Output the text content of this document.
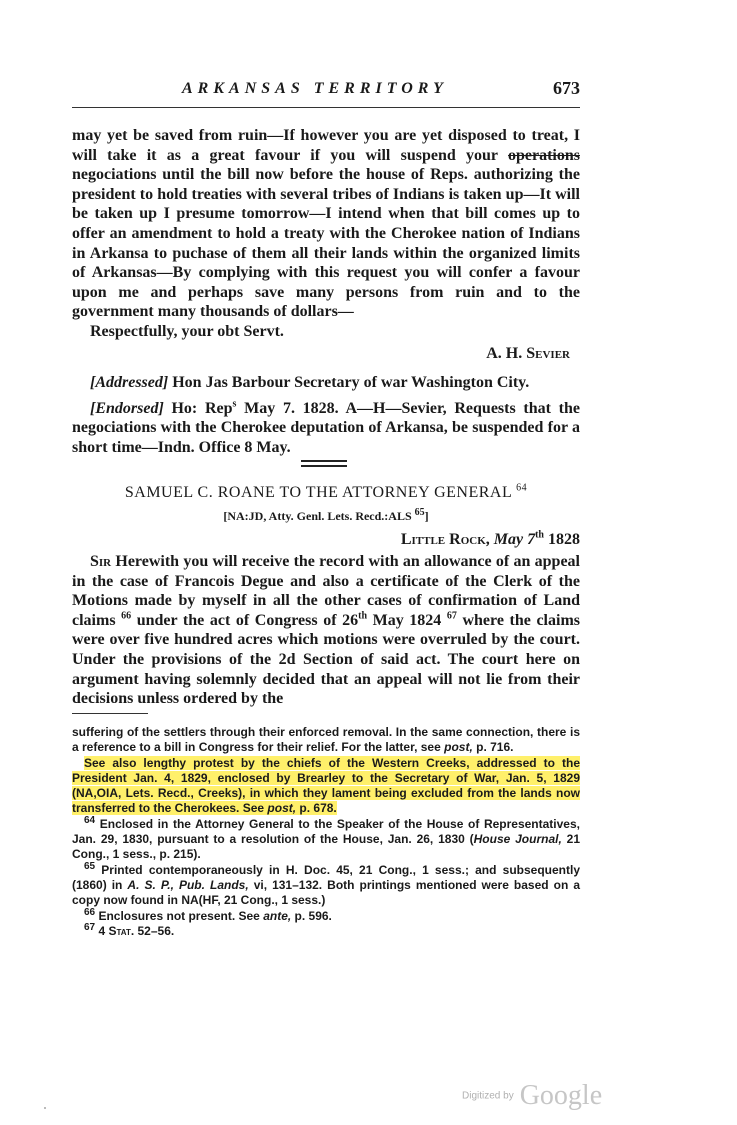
ARKANSAS TERRITORY	673

may yet be saved from ruin—If however you are yet disposed to treat, I will take it as a great favour if you will suspend your operations negociations until the bill now before the house of Reps. authorizing the president to hold treaties with several tribes of Indians is taken up—It will be taken up I presume tomorrow—I intend when that bill comes up to offer an amendment to hold a treaty with the Cherokee nation of Indians in Arkansa to puchase of them all their lands within the organized limits of Arkansas—By complying with this request you will confer a favour upon me and perhaps save many persons from ruin and to the government many thousands of dollars—

Respectfully, your obt Servt.

A. H. Sevier

[Addressed] Hon Jas Barbour Secretary of war Washington City.

[Endorsed] Ho: Rep$^s$ May 7. 1828. A—H—Sevier, Requests that the negociations with the Cherokee deputation of Arkansa, be suspended for a short time—Indn. Office 8 May.

SAMUEL C. ROANE TO THE ATTORNEY GENERAL $^{64}$
[NA:JD, Atty. Genl. Lets. Recd.:ALS $^{65}$]
Little Rock, May 7th 1828

Sir Herewith you will receive the record with an allowance of an appeal in the case of Francois Degue and also a certificate of the Clerk of the Motions made by myself in all the other cases of confirmation of Land claims $^{66}$ under the act of Congress of 26th May 1824 $^{67}$ where the claims were over five hundred acres which motions were overruled by the court. Under the provisions of the 2d Section of said act. The court here on argument having solemnly decided that an appeal will not lie from their decisions unless ordered by the

suffering of the settlers through their enforced removal. In the same connection, there is a reference to a bill in Congress for their relief. For the latter, see post, p. 716.

See also lengthy protest by the chiefs of the Western Creeks, addressed to the President Jan. 4, 1829, enclosed by Brearley to the Secretary of War, Jan. 5, 1829 (NA,OIA, Lets. Recd., Creeks), in which they lament being excluded from the lands now transferred to the Cherokees. See post, p. 678.

$^{64}$ Enclosed in the Attorney General to the Speaker of the House of Representatives, Jan. 29, 1830, pursuant to a resolution of the House, Jan. 26, 1830 (House Journal, 21 Cong., 1 sess., p. 215).

$^{65}$ Printed contemporaneously in H. Doc. 45, 21 Cong., 1 sess.; and subsequently (1860) in A. S. P., Pub. Lands, vi, 131–132. Both printings mentioned were based on a copy now found in NA(HF, 21 Cong., 1 sess.)

$^{66}$ Enclosures not present. See ante, p. 596.

$^{67}$ 4 Stat. 52–56.

Digitized by Google
